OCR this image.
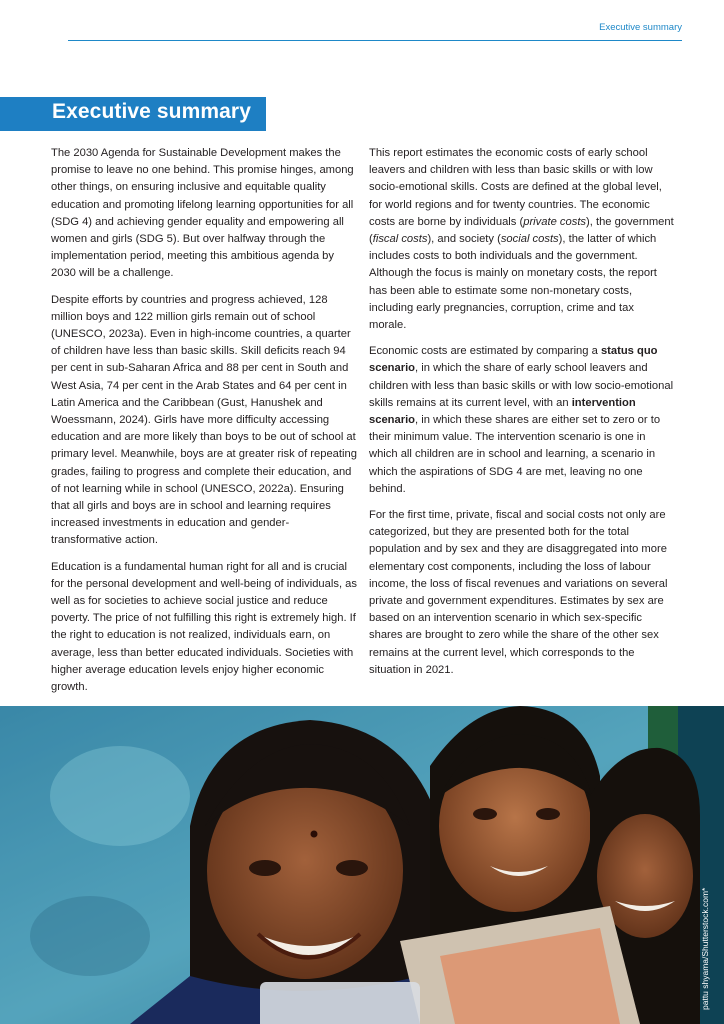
Executive summary
Executive summary

The 2030 Agenda for Sustainable Development makes the promise to leave no one behind. This promise hinges, among other things, on ensuring inclusive and equitable quality education and promoting lifelong learning opportunities for all (SDG 4) and achieving gender equality and empowering all women and girls (SDG 5). But over halfway through the implementation period, meeting this ambitious agenda by 2030 will be a challenge.

Despite efforts by countries and progress achieved, 128 million boys and 122 million girls remain out of school (UNESCO, 2023a). Even in high-income countries, a quarter of children have less than basic skills. Skill deficits reach 94 per cent in sub-Saharan Africa and 88 per cent in South and West Asia, 74 per cent in the Arab States and 64 per cent in Latin America and the Caribbean (Gust, Hanushek and Woessmann, 2024). Girls have more difficulty accessing education and are more likely than boys to be out of school at primary level. Meanwhile, boys are at greater risk of repeating grades, failing to progress and complete their education, and of not learning while in school (UNESCO, 2022a). Ensuring that all girls and boys are in school and learning requires increased investments in education and gender-transformative action.

Education is a fundamental human right for all and is crucial for the personal development and well-being of individuals, as well as for societies to achieve social justice and reduce poverty. The price of not fulfilling this right is extremely high. If the right to education is not realized, individuals earn, on average, less than better educated individuals. Societies with higher average education levels enjoy higher economic growth.

This report estimates the economic costs of early school leavers and children with less than basic skills or with low socio-emotional skills. Costs are defined at the global level, for world regions and for twenty countries. The economic costs are borne by individuals (private costs), the government (fiscal costs), and society (social costs), the latter of which includes costs to both individuals and the government. Although the focus is mainly on monetary costs, the report has been able to estimate some non-monetary costs, including early pregnancies, corruption, crime and tax morale.

Economic costs are estimated by comparing a status quo scenario, in which the share of early school leavers and children with less than basic skills or with low socio-emotional skills remains at its current level, with an intervention scenario, in which these shares are either set to zero or to their minimum value. The intervention scenario is one in which all children are in school and learning, a scenario in which the aspirations of SDG 4 are met, leaving no one behind.

For the first time, private, fiscal and social costs not only are categorized, but they are presented both for the total population and by sex and they are disaggregated into more elementary cost components, including the loss of labour income, the loss of fiscal revenues and variations on several private and government expenditures. Estimates by sex are based on an intervention scenario in which sex-specific shares are brought to zero while the share of the other sex remains at the current level, which corresponds to the situation in 2021.

pattu shyama/Shutterstock.com*
